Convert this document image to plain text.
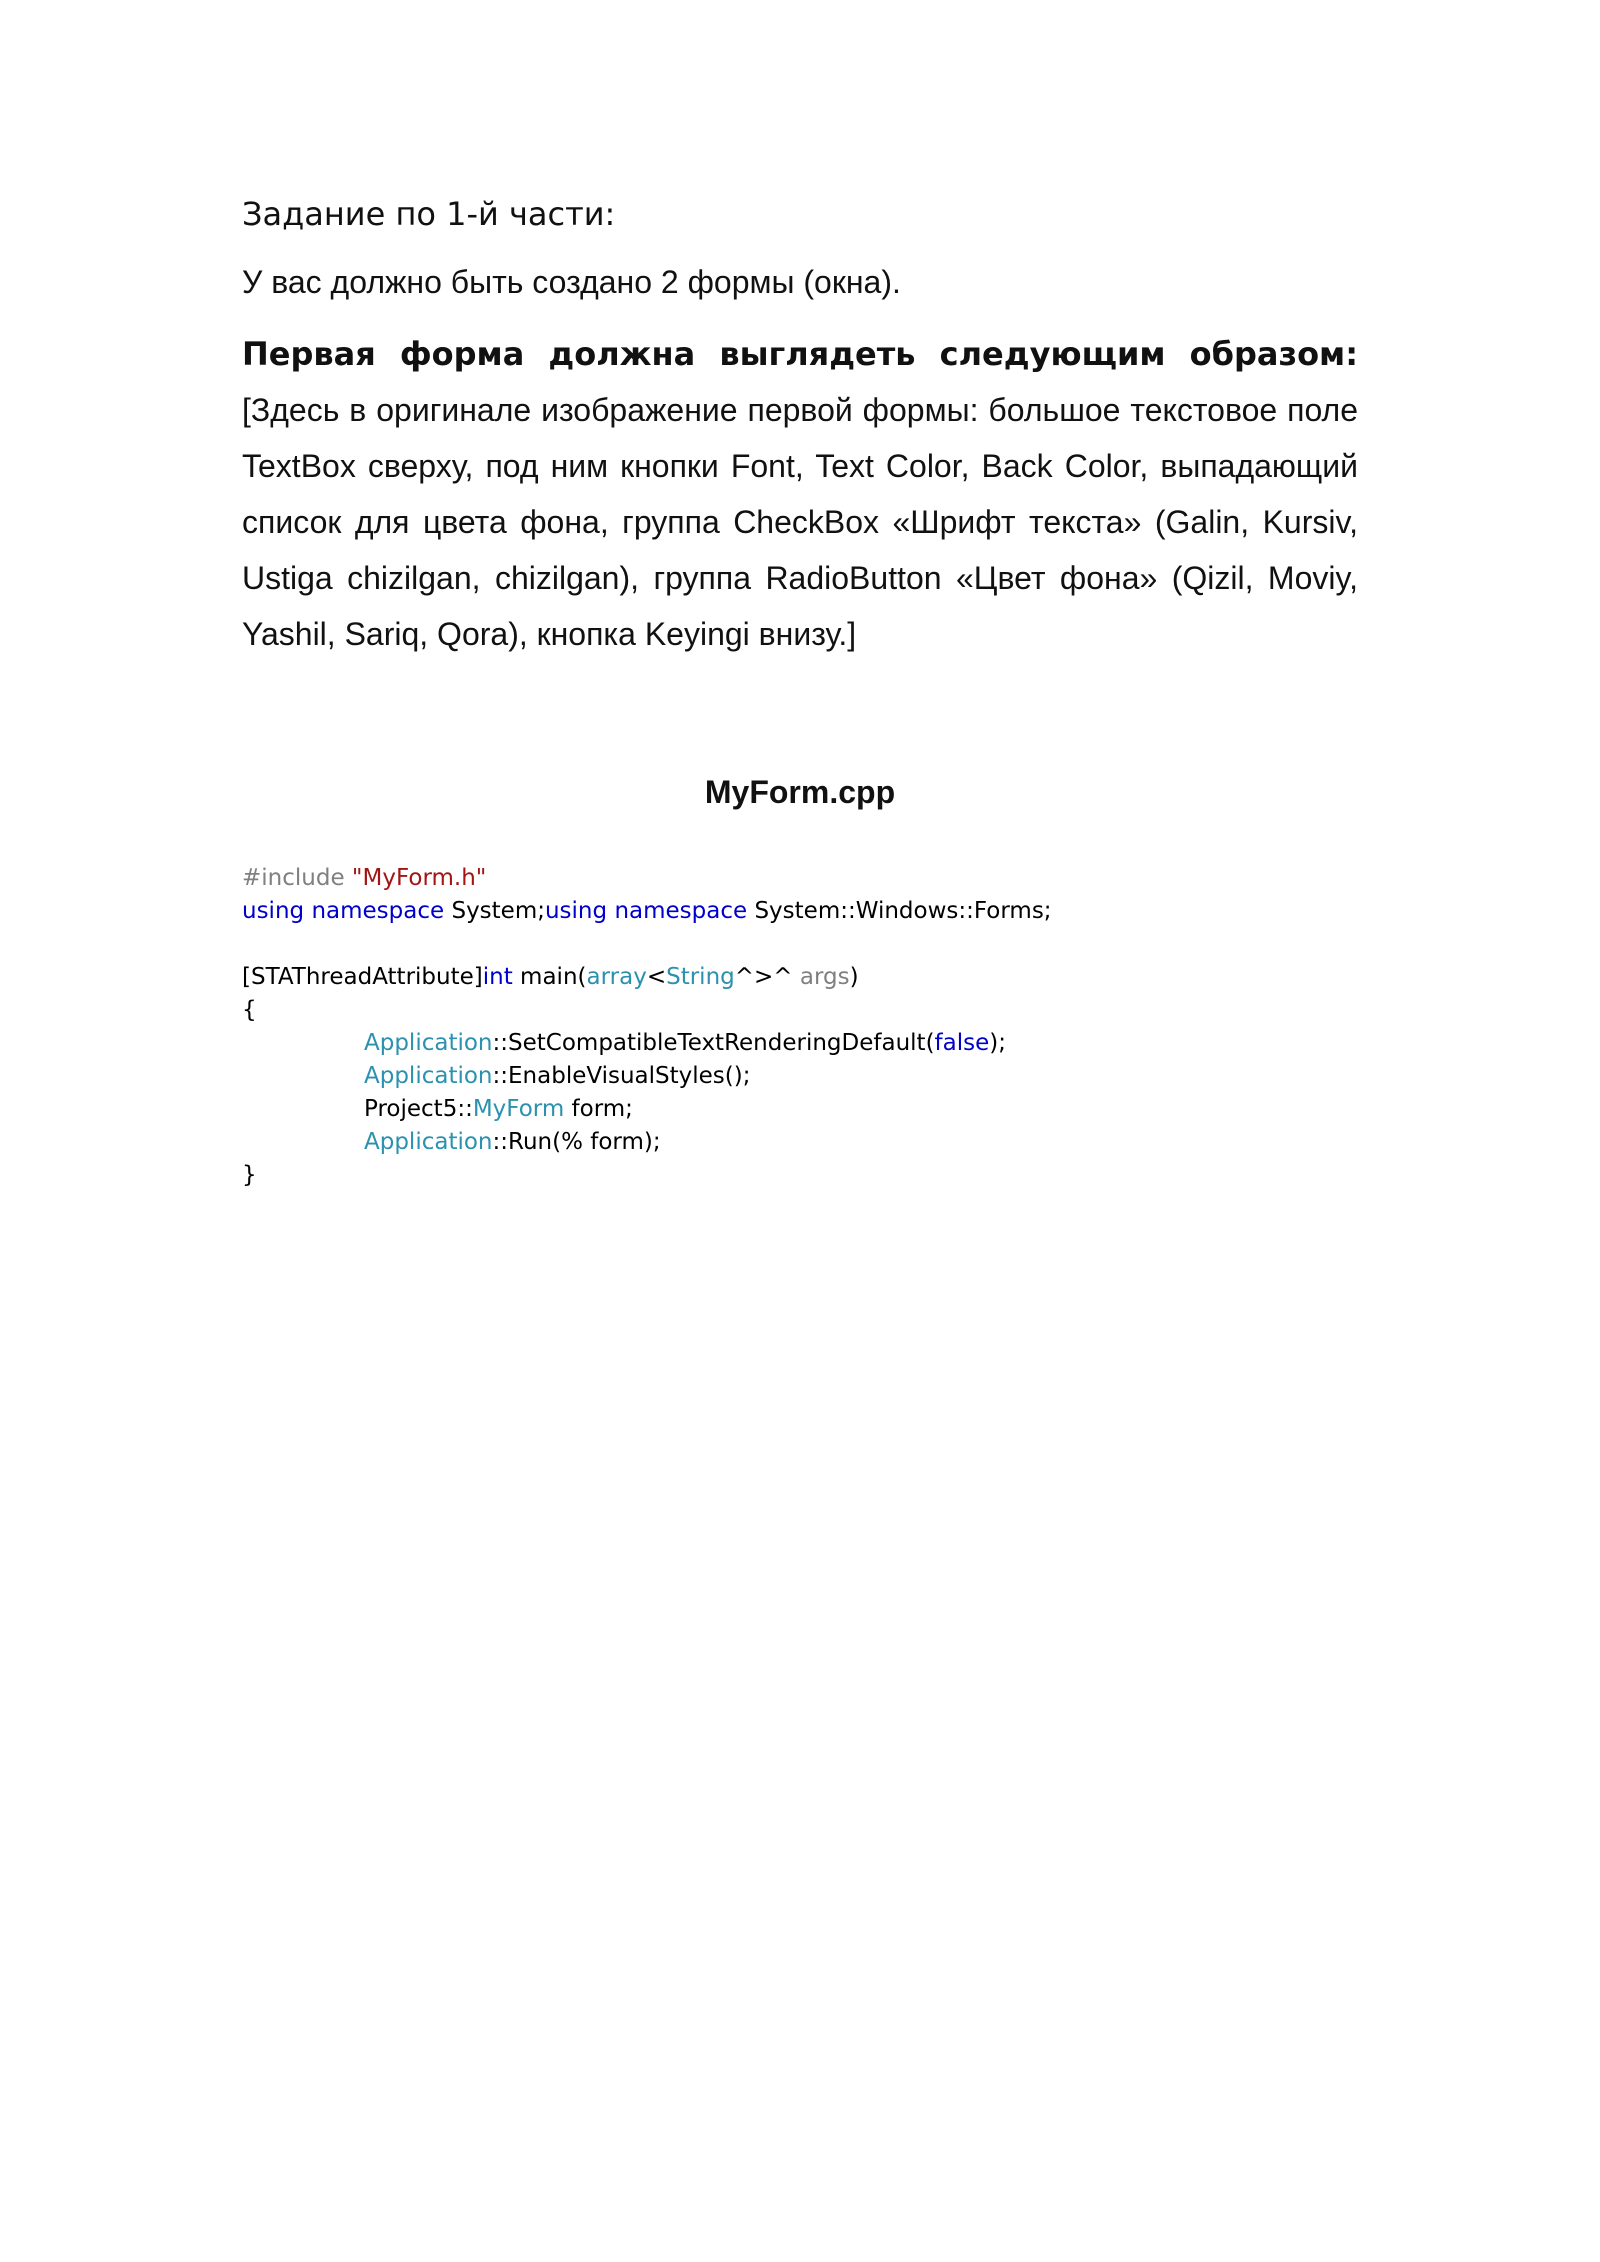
Задание по 1-й части:

У вас должно быть создано 2 формы (окна).

Первая форма должна выглядеть следующим образом: [Здесь в оригинале изображение первой формы: большое текстовое поле TextBox сверху, под ним кнопки Font, Text Color, Back Color, выпадающий список для цвета фона, группа CheckBox «Шрифт текста» (Galin, Kursiv, Ustiga chizilgan, chizilgan), группа RadioButton «Цвет фона» (Qizil, Moviy, Yashil, Sariq, Qora), кнопка Keyingi внизу.]

MyForm.cpp
#include "MyForm.h"
using namespace System;using namespace System::Windows::Forms;
[STAThreadAttribute]int main(array<String^>^ args)
{
Application::SetCompatibleTextRenderingDefault(false);
Application::EnableVisualStyles();
Project5::MyForm form;
Application::Run(% form);
}
